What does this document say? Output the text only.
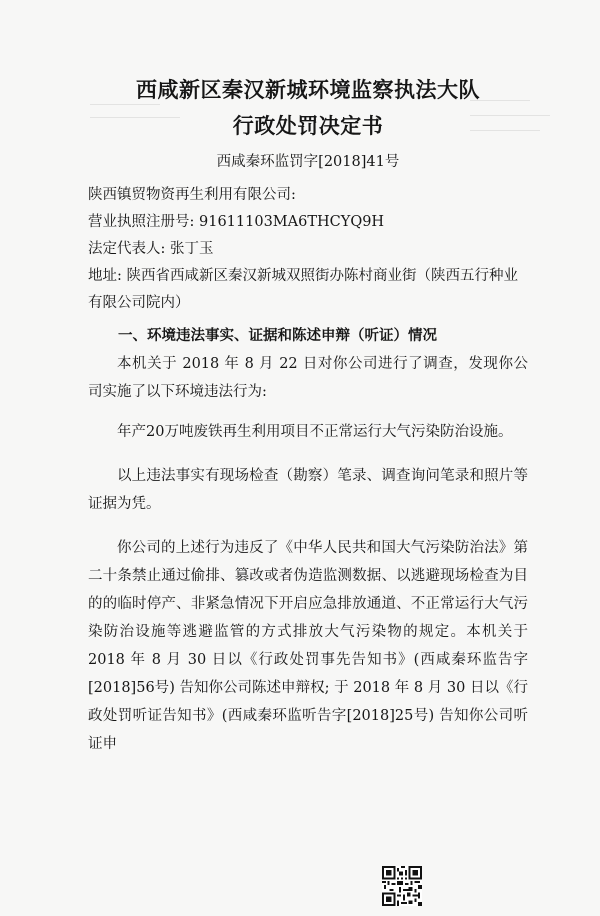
西咸新区秦汉新城环境监察执法大队
行政处罚决定书
西咸秦环监罚字[2018]41号

陕西镇贸物资再生利用有限公司:

营业执照注册号: 91611103MA6THCYQ9H

法定代表人: 张丁玉

地址: 陕西省西咸新区秦汉新城双照街办陈村商业街（陕西五行种业有限公司院内）

一、环境违法事实、证据和陈述申辩（听证）情况

本机关于 2018 年 8 月 22 日对你公司进行了调查，发现你公司实施了以下环境违法行为:

年产20万吨废铁再生利用项目不正常运行大气污染防治设施。

以上违法事实有现场检查（勘察）笔录、调查询问笔录和照片等证据为凭。

你公司的上述行为违反了《中华人民共和国大气污染防治法》第二十条禁止通过偷排、篡改或者伪造监测数据、以逃避现场检查为目的的临时停产、非紧急情况下开启应急排放通道、不正常运行大气污染防治设施等逃避监管的方式排放大气污染物的规定。本机关于 2018 年 8 月 30 日以《行政处罚事先告知书》(西咸秦环监告字[2018]56号) 告知你公司陈述申辩权; 于 2018 年 8 月 30 日以《行政处罚听证告知书》(西咸秦环监听告字[2018]25号) 告知你公司听证申
